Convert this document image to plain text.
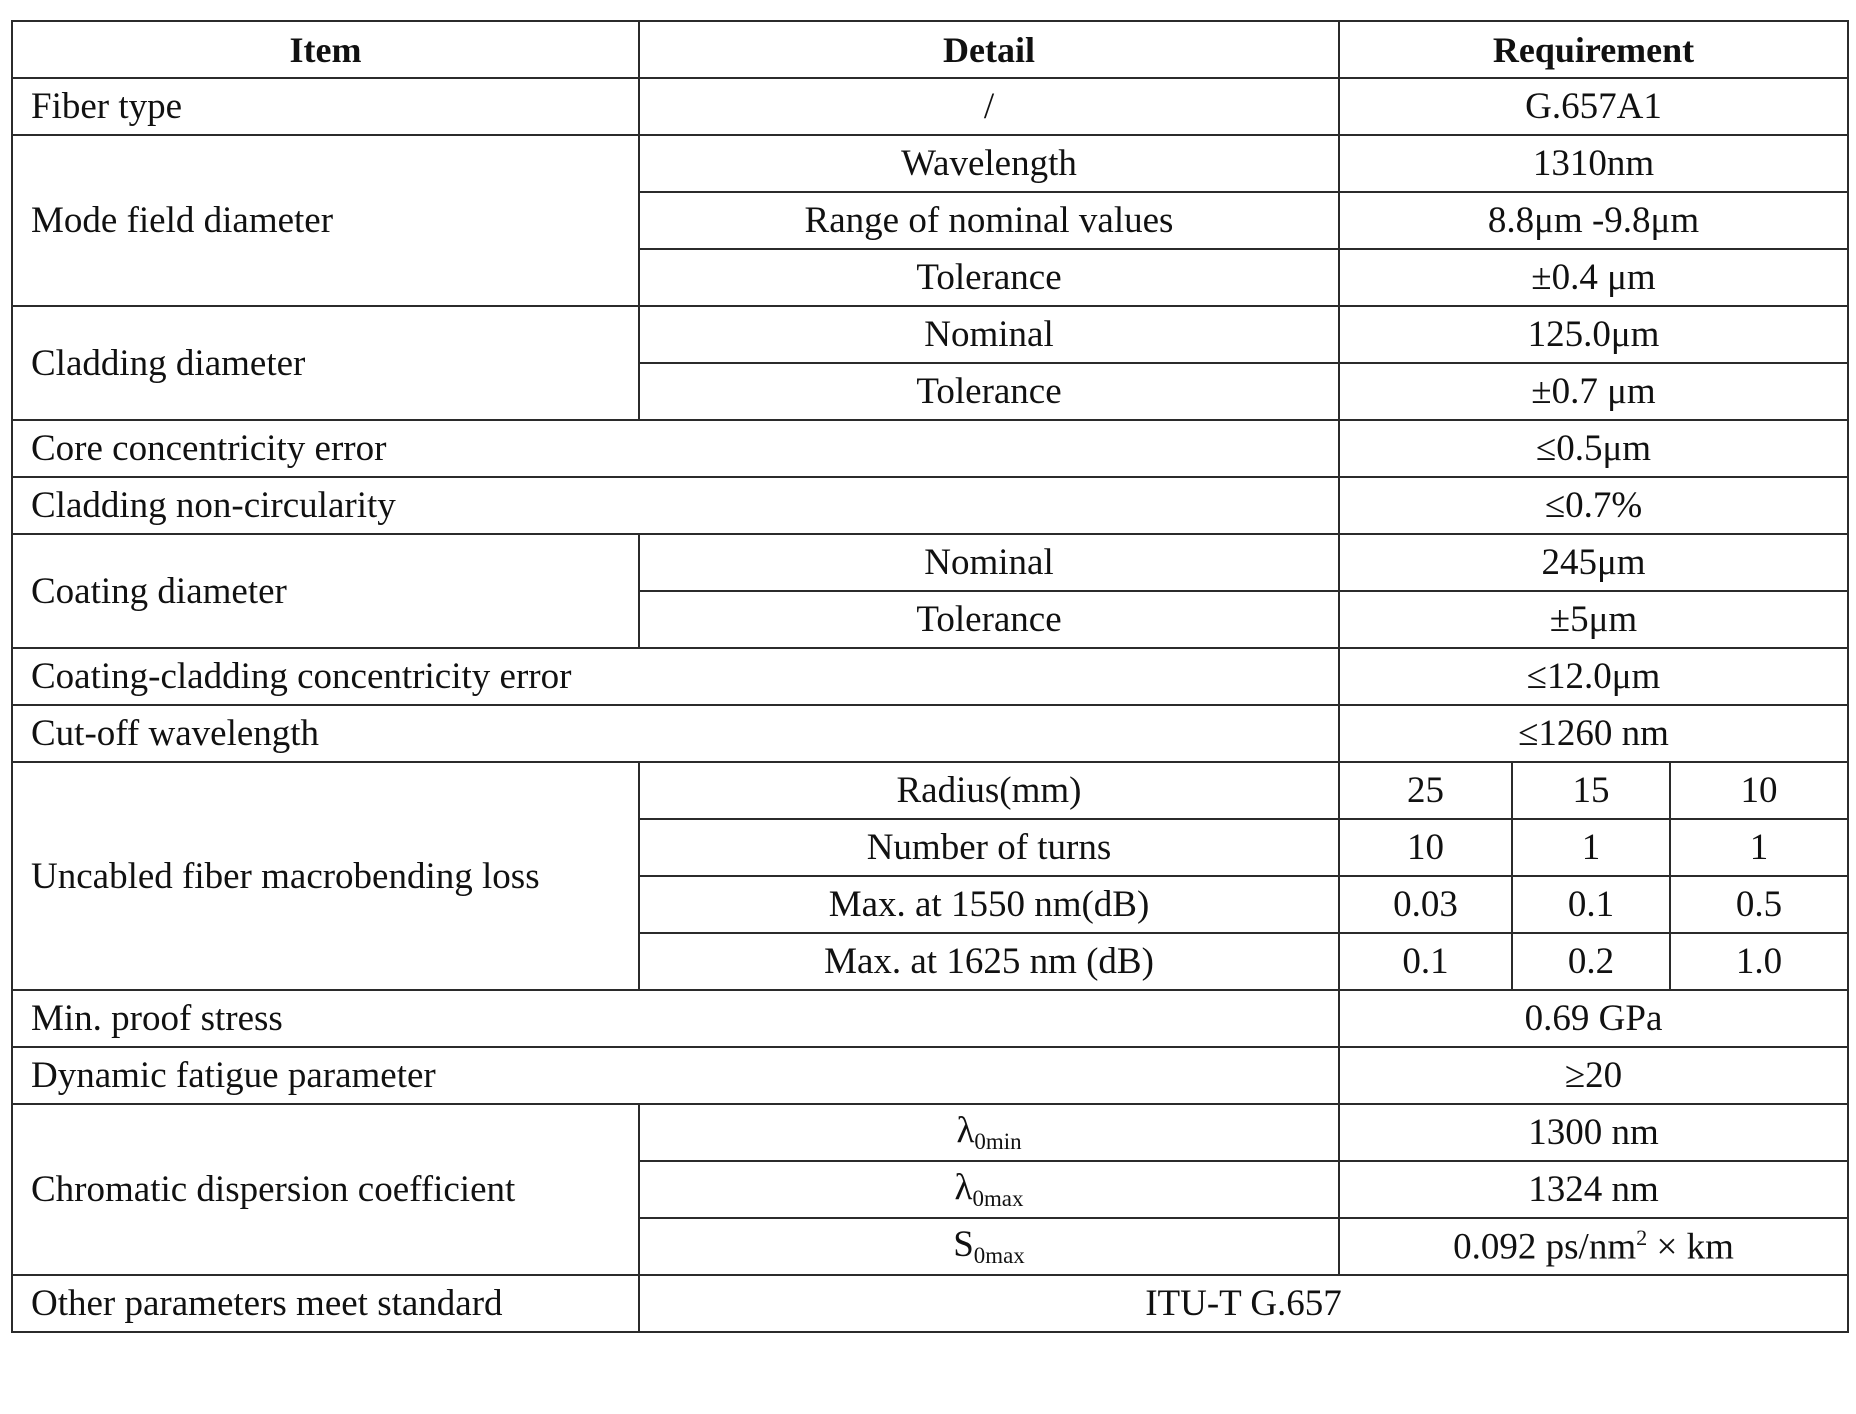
Item	Detail	Requirement		
Fiber type	/	G.657A1		
Mode field diameter	Wavelength	1310nm		
	Range of nominal values	8.8μm -9.8μm		
	Tolerance	±0.4 μm		
Cladding diameter	Nominal	125.0μm		
	Tolerance	±0.7 μm		
Core concentricity error		≤0.5μm		
Cladding non-circularity		≤0.7%		
Coating diameter	Nominal	245μm		
	Tolerance	±5μm		
Coating-cladding concentricity error		≤12.0μm		
Cut-off wavelength		≤1260 nm		
Uncabled fiber macrobending loss	Radius(mm)	25	15	10
	Number of turns	10	1	1
	Max. at 1550 nm(dB)	0.03	0.1	0.5
	Max. at 1625 nm (dB)	0.1	0.2	1.0
Min. proof stress		0.69 GPa		
Dynamic fatigue parameter		≥20		
Chromatic dispersion coefficient	$\lambda_{0min}$	1300 nm		
	$\lambda_{0max}$	1324 nm		
	$S_{0max}$	0.092 $ps/nm^2$ × km		
Other parameters meet standard	ITU-T G.657			
